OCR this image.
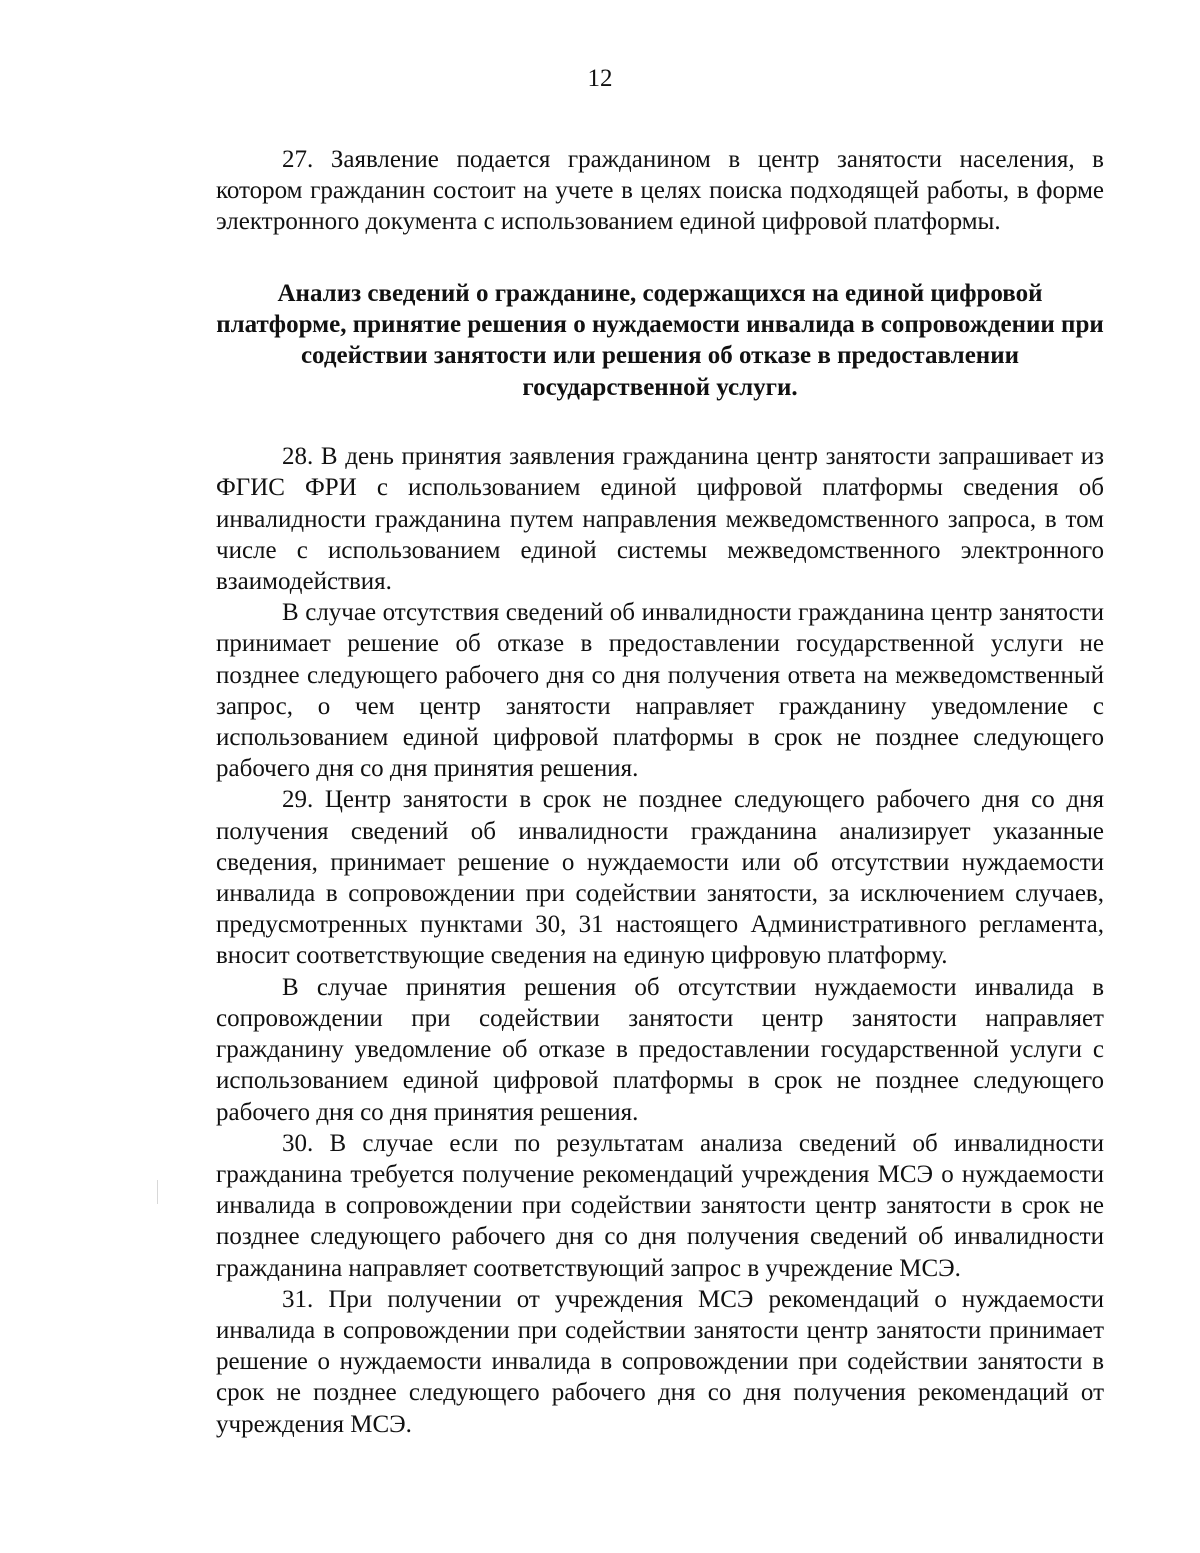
12

27. Заявление подается гражданином в центр занятости населения, в котором гражданин состоит на учете в целях поиска подходящей работы, в форме электронного документа с использованием единой цифровой платформы.

Анализ сведений о гражданине, содержащихся на единой цифровой платформе, принятие решения о нуждаемости инвалида в сопровождении при содействии занятости или решения об отказе в предоставлении государственной услуги.

28. В день принятия заявления гражданина центр занятости запрашивает из ФГИС ФРИ с использованием единой цифровой платформы сведения об инвалидности гражданина путем направления межведомственного запроса, в том числе с использованием единой системы межведомственного электронного взаимодействия.

В случае отсутствия сведений об инвалидности гражданина центр занятости принимает решение об отказе в предоставлении государственной услуги не позднее следующего рабочего дня со дня получения ответа на межведомственный запрос, о чем центр занятости направляет гражданину уведомление с использованием единой цифровой платформы в срок не позднее следующего рабочего дня со дня принятия решения.

29. Центр занятости в срок не позднее следующего рабочего дня со дня получения сведений об инвалидности гражданина анализирует указанные сведения, принимает решение о нуждаемости или об отсутствии нуждаемости инвалида в сопровождении при содействии занятости, за исключением случаев, предусмотренных пунктами 30, 31 настоящего Административного регламента, вносит соответствующие сведения на единую цифровую платформу.

В случае принятия решения об отсутствии нуждаемости инвалида в сопровождении при содействии занятости центр занятости направляет гражданину уведомление об отказе в предоставлении государственной услуги с использованием единой цифровой платформы в срок не позднее следующего рабочего дня со дня принятия решения.

30. В случае если по результатам анализа сведений об инвалидности гражданина требуется получение рекомендаций учреждения МСЭ о нуждаемости инвалида в сопровождении при содействии занятости центр занятости в срок не позднее следующего рабочего дня со дня получения сведений об инвалидности гражданина направляет соответствующий запрос в учреждение МСЭ.

31. При получении от учреждения МСЭ рекомендаций о нуждаемости инвалида в сопровождении при содействии занятости центр занятости принимает решение о нуждаемости инвалида в сопровождении при содействии занятости в срок не позднее следующего рабочего дня со дня получения рекомендаций от учреждения МСЭ.
